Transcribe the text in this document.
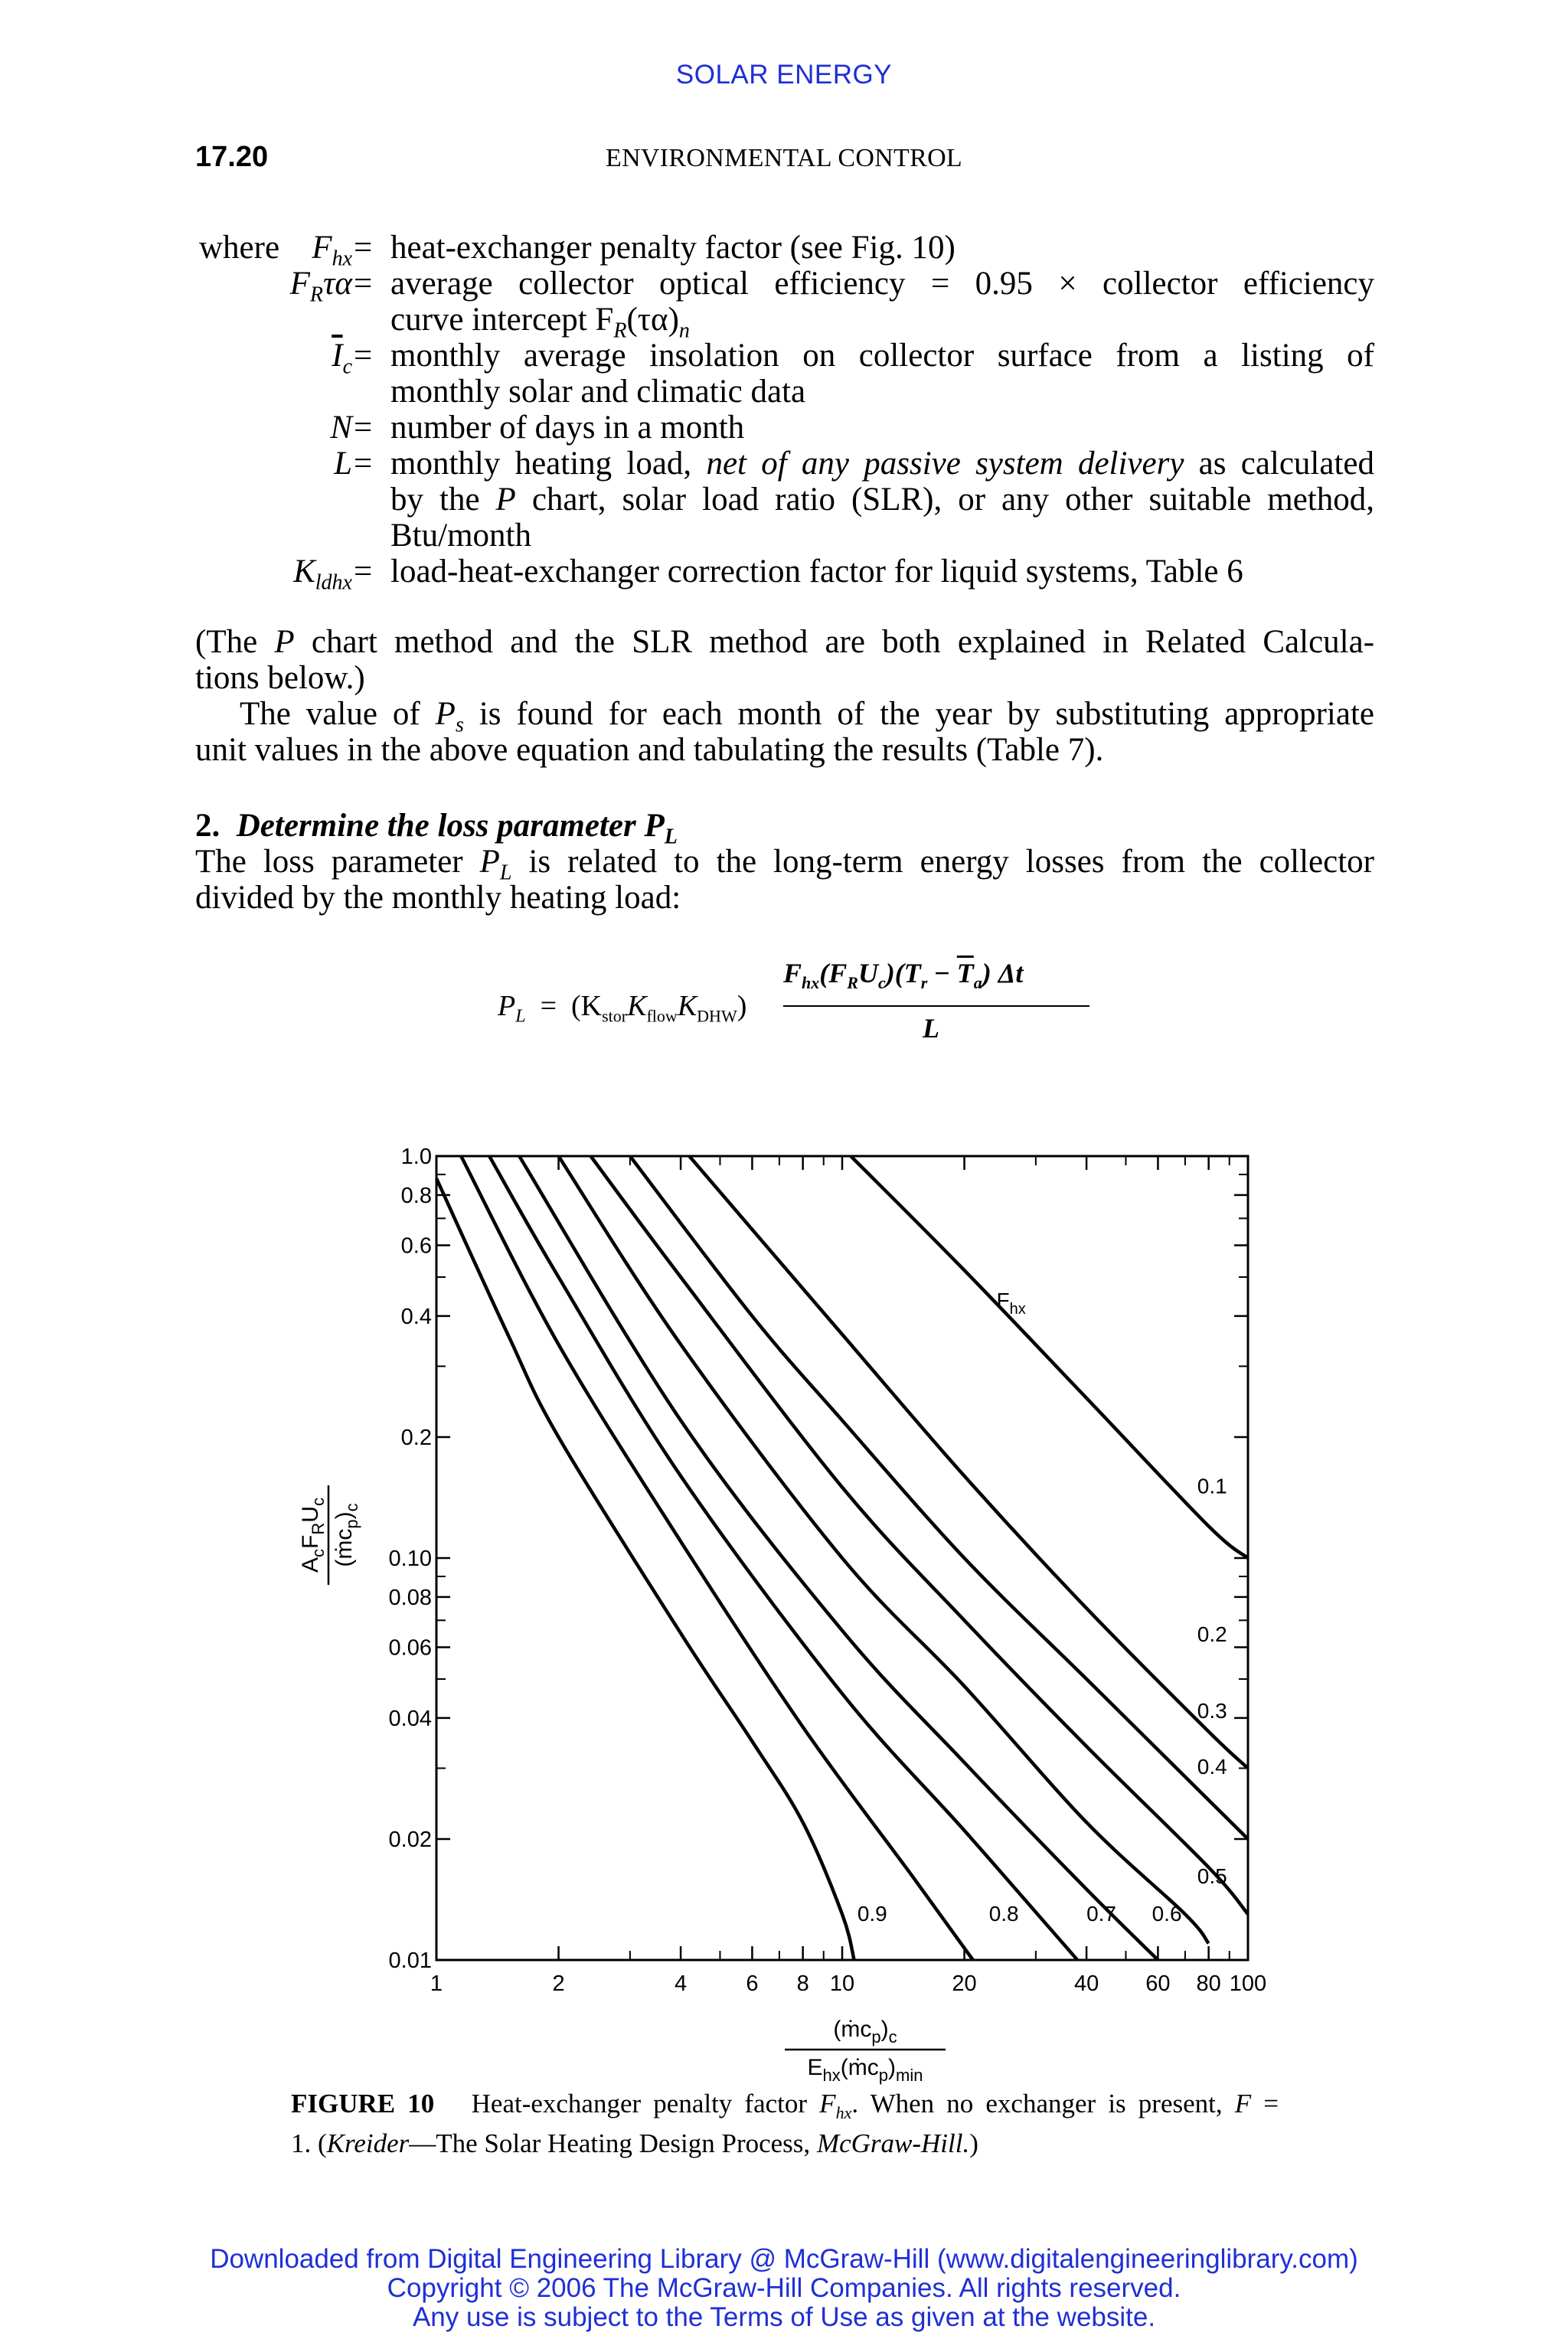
SOLAR ENERGY
17.20	ENVIRONMENTAL CONTROL
where $F_{hx}$ = heat-exchanger penalty factor (see Fig. 10)
$F_R\tau\alpha$ = average collector optical efficiency = 0.95 × collector efficiency
curve intercept $F_R(\tau\alpha)_n$
$\overline{I}_c$ = monthly average insolation on collector surface from a listing of
monthly solar and climatic data
N = number of days in a month
L = monthly heating load, net of any passive system delivery as calculated
by the P chart, solar load ratio (SLR), or any other suitable method,
Btu/month
$K_{ldhx}$ = load-heat-exchanger correction factor for liquid systems, Table 6
(The P chart method and the SLR method are both explained in Related Calcula-
tions below.)
The value of $P_s$ is found for each month of the year by substituting appropriate
unit values in the above equation and tabulating the results (Table 7).
2. Determine the loss parameter $P_L$
The loss parameter $P_L$ is related to the long-term energy losses from the collector
divided by the monthly heating load:
$P_L = (K_{stor}K_{flow}K_{DHW})$
$F_{hx}(F_RU_c)(T_r - \overline{T}_a)$ Δt
L
1	2	4	6 8 10	20	40 60 80 100
0.01
0.02
0.04
0.06
0.08
0.10
0.2
0.4
0.6
0.8
1.0
0.9	0.8	0.7 0.6
0.5
0.4
0.3
0.2
0.1
$F_{hx}$
$(ṁc_p)_c$
$E_{hx}(ṁc_p)_{min}$
$A_cF_RU_c$
$(ṁc_p)_c$
FIGURE 10 Heat-exchanger penalty factor $F_{hx}$. When no exchanger is present, F =
1. (Kreider—The Solar Heating Design Process, McGraw-Hill.)
Downloaded from Digital Engineering Library @ McGraw-Hill (www.digitalengineeringlibrary.com)
Copyright © 2006 The McGraw-Hill Companies. All rights reserved.
Any use is subject to the Terms of Use as given at the website.
